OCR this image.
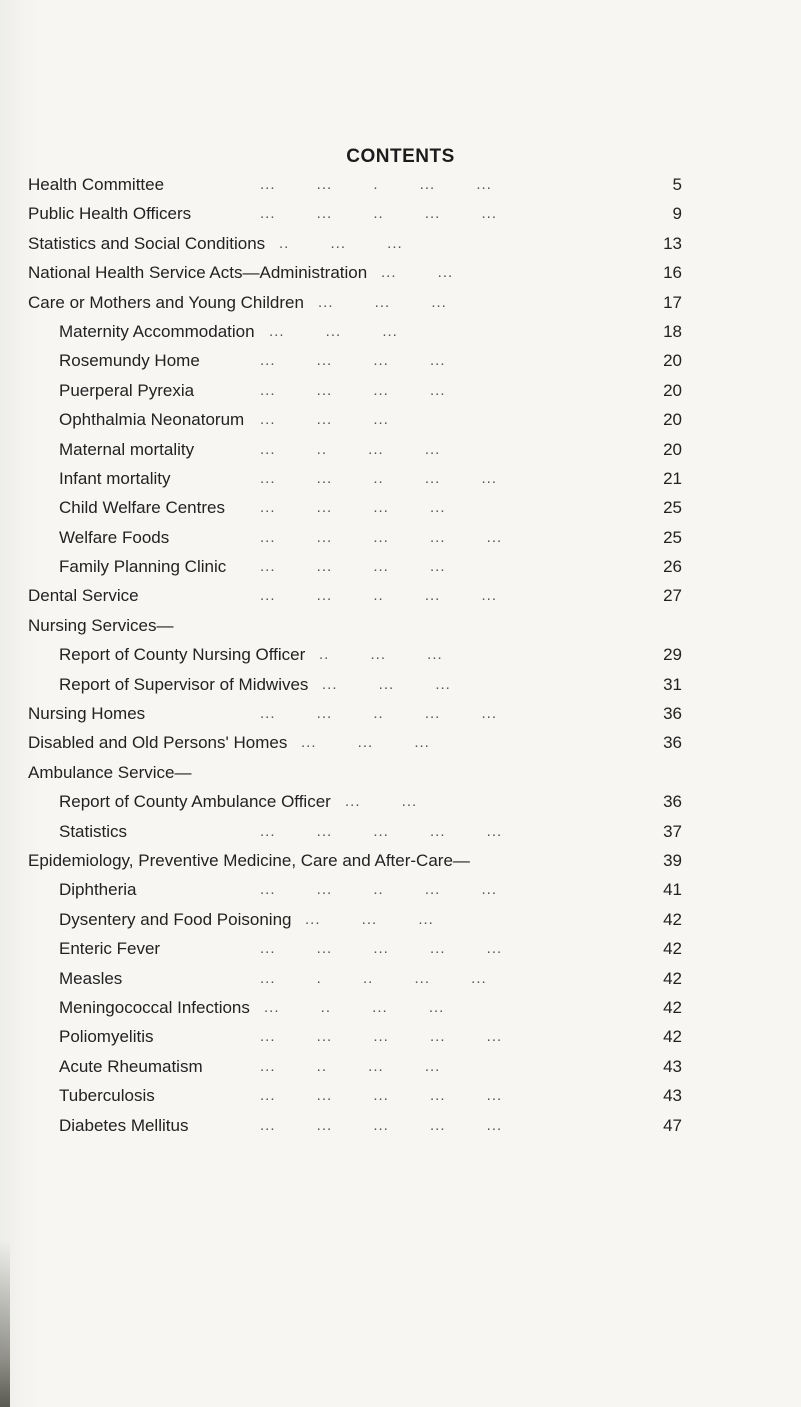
CONTENTS
Health Committee	... ... . ... ...	5
Public Health Officers	... ... .. ... ...	9
Statistics and Social Conditions .. ... ...	13
National Health Service Acts—Administration ... ...	16
Care or Mothers and Young Children ... ... ...	17
Maternity Accommodation ... ... ...	18
Rosemundy Home	... ... ... ...	20
Puerperal Pyrexia	... ... ... ...	20
Ophthalmia Neonatorum ... ... ...	20
Maternal mortality	... .. ... ...	20
Infant mortality	... ... .. ... ...	21
Child Welfare Centres ... ... ... ...	25
Welfare Foods	... ... ... ... ...	25
Family Planning Clinic ... ... ... ...	26
Dental Service	... ... .. ... ...	27
Nursing Services—
Report of County Nursing Officer .. ... ...	29
Report of Supervisor of Midwives ... ... ...	31
Nursing Homes	... ... .. ... ...	36
Disabled and Old Persons' Homes ... ... ...	36
Ambulance Service—
Report of County Ambulance Officer ... ...	36
Statistics	... ... ... ... ...	37
Epidemiology, Preventive Medicine, Care and After-Care—	39
Diphtheria	... ... .. ... ...	41
Dysentery and Food Poisoning ... ... ...	42
Enteric Fever	... ... ... ... ...	42
Measles	... . .. ... ...	42
Meningococcal Infections ... .. ... ...	42
Poliomyelitis	... ... ... ... ...	42
Acute Rheumatism	... .. ... ...	43
Tuberculosis	... ... ... ... ...	43
Diabetes Mellitus	... ... ... ... ...	47
